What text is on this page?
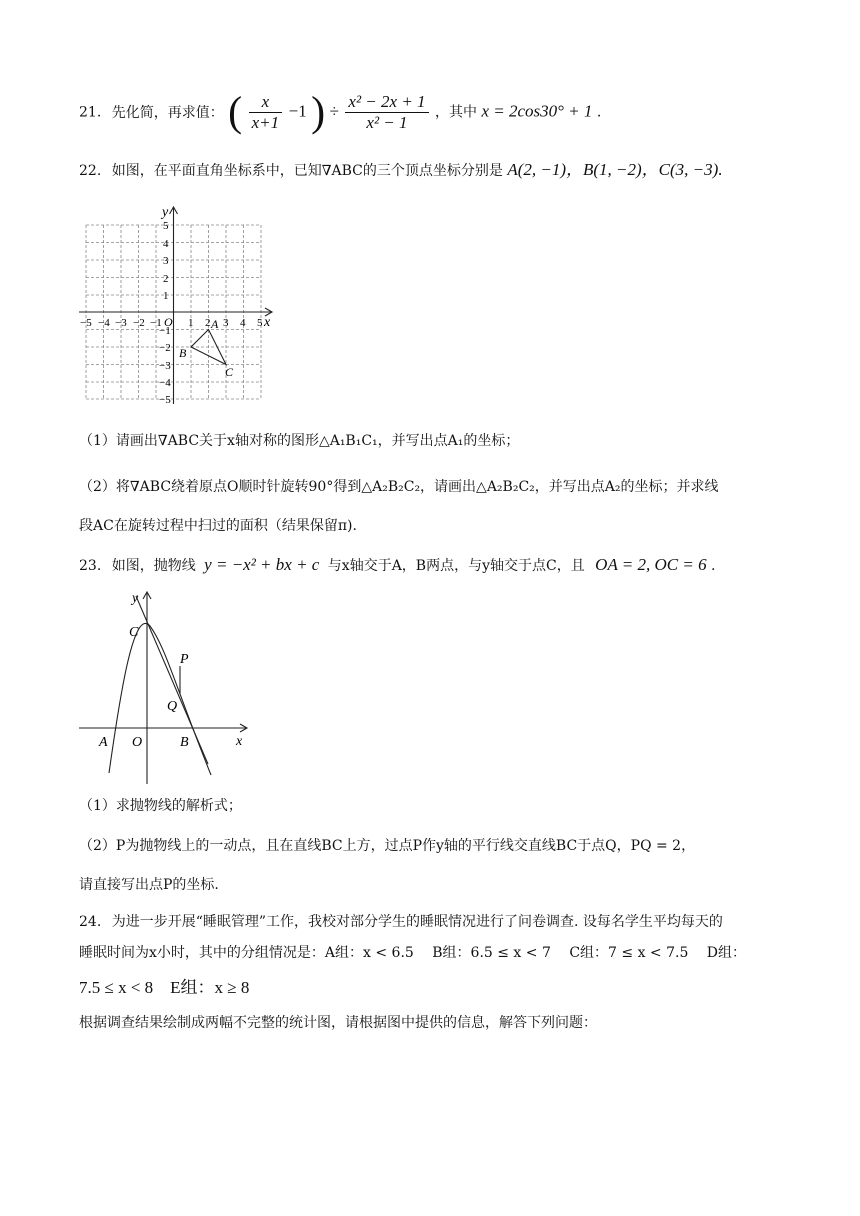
21. 先化简，再求值： ( $\frac{x}{x+1} -1$ ) ÷ $\frac{\text{x² − 2x + 1}}{\text{x² − 1}}$ ，其中 x = 2cos30° + 1 .
22. 如图，在平面直角坐标系中，已知∇ABC的三个顶点坐标分别是 A(2, −1)，B(1, −2)，C(3, −3).
x
y
O
−5 −4 −3 −2 −1 1 2 3 4 5
5
4
3
2
1
−1
−2
−3
−4
−5
A
B
C
（1）请画出∇ABC关于x轴对称的图形△A₁B₁C₁，并写出点A₁的坐标；
（2）将∇ABC绕着原点O顺时针旋转90°得到△A₂B₂C₂，请画出△A₂B₂C₂，并写出点A₂的坐标；并求线
段AC在旋转过程中扫过的面积（结果保留π).
23. 如图，抛物线 y = −x² + bx + c 与x轴交于A，B两点，与y轴交于点C，且 OA = 2, OC = 6 .
x
y
A O	B
C
P
Q
（1）求抛物线的解析式；
（2）P为抛物线上的一动点，且在直线BC上方，过点P作y轴的平行线交直线BC于点Q，PQ = 2，
请直接写出点P的坐标.
24. 为进一步开展“睡眠管理”工作，我校对部分学生的睡眠情况进行了问卷调查. 设每名学生平均每天的
睡眠时间为x小时，其中的分组情况是：A组：x < 6.5　 B组：6.5 ≤ x < 7　 C组：7 ≤ x < 7.5　 D组：
7.5 ≤ x < 8　E组：x ≥ 8
根据调查结果绘制成两幅不完整的统计图，请根据图中提供的信息，解答下列问题：
